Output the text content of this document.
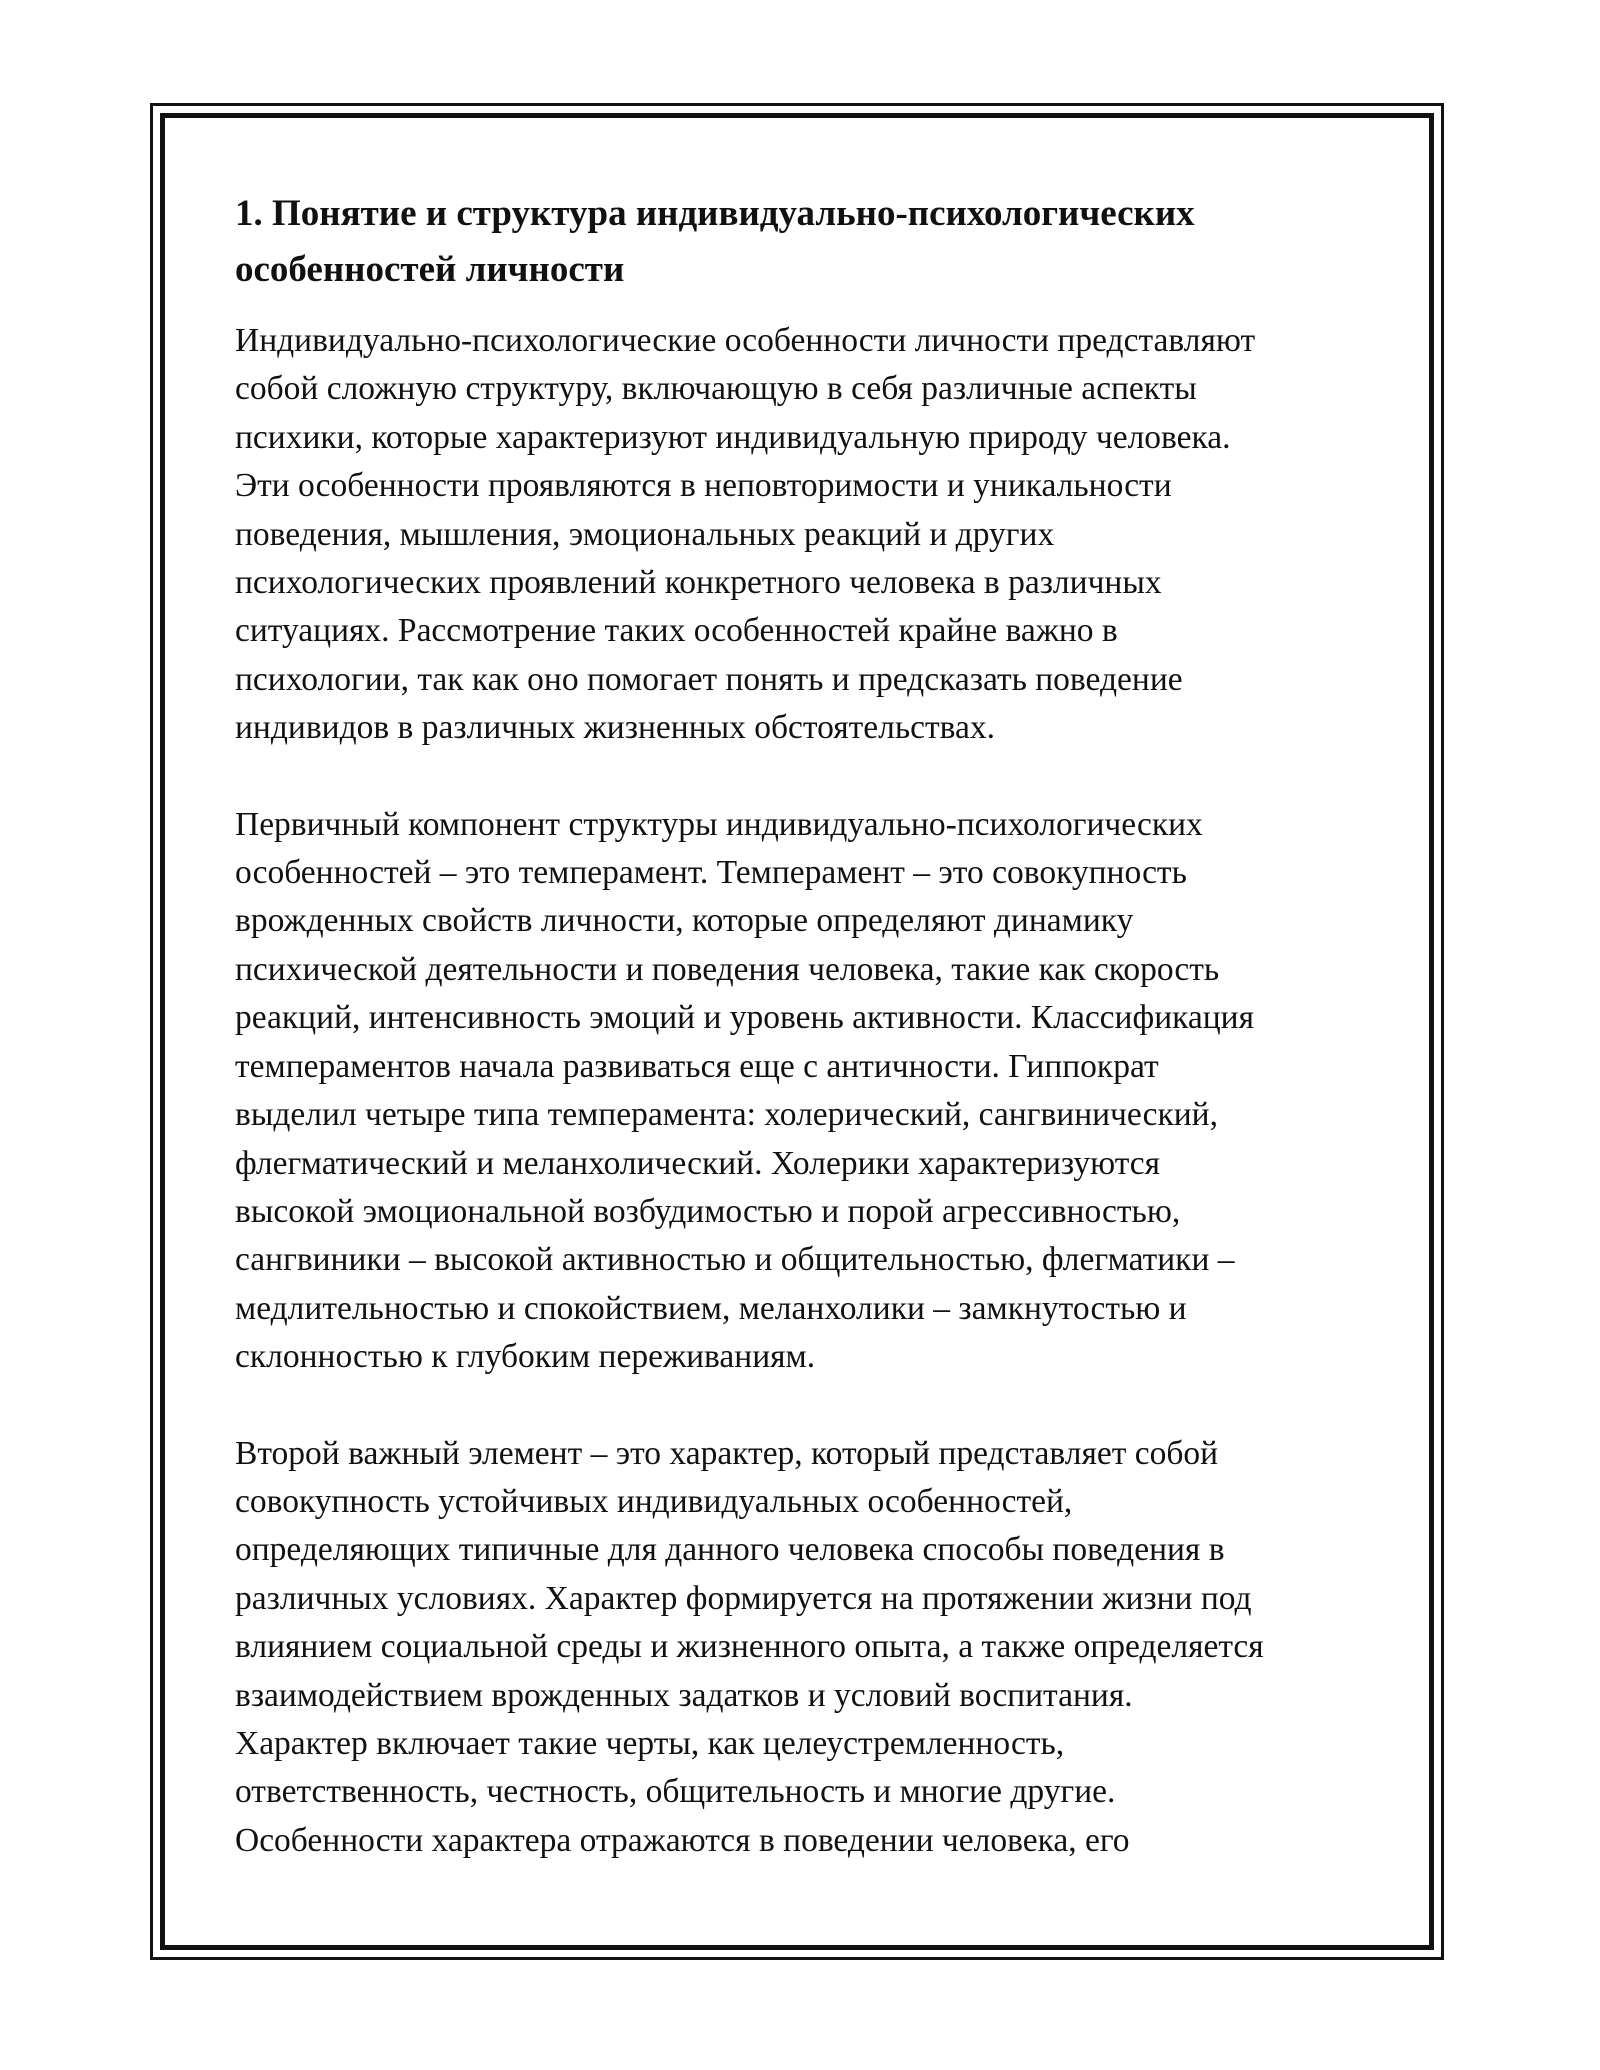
1. Понятие и структура индивидуально-психологических
особенностей личности

Индивидуально-психологические особенности личности представляют
собой сложную структуру, включающую в себя различные аспекты
психики, которые характеризуют индивидуальную природу человека.
Эти особенности проявляются в неповторимости и уникальности
поведения, мышления, эмоциональных реакций и других
психологических проявлений конкретного человека в различных
ситуациях. Рассмотрение таких особенностей крайне важно в
психологии, так как оно помогает понять и предсказать поведение
индивидов в различных жизненных обстоятельствах.

Первичный компонент структуры индивидуально-психологических
особенностей – это темперамент. Темперамент – это совокупность
врожденных свойств личности, которые определяют динамику
психической деятельности и поведения человека, такие как скорость
реакций, интенсивность эмоций и уровень активности. Классификация
темпераментов начала развиваться еще с античности. Гиппократ
выделил четыре типа темперамента: холерический, сангвинический,
флегматический и меланхолический. Холерики характеризуются
высокой эмоциональной возбудимостью и порой агрессивностью,
сангвиники – высокой активностью и общительностью, флегматики –
медлительностью и спокойствием, меланхолики – замкнутостью и
склонностью к глубоким переживаниям.

Второй важный элемент – это характер, который представляет собой
совокупность устойчивых индивидуальных особенностей,
определяющих типичные для данного человека способы поведения в
различных условиях. Характер формируется на протяжении жизни под
влиянием социальной среды и жизненного опыта, а также определяется
взаимодействием врожденных задатков и условий воспитания.
Характер включает такие черты, как целеустремленность,
ответственность, честность, общительность и многие другие.
Особенности характера отражаются в поведении человека, его
